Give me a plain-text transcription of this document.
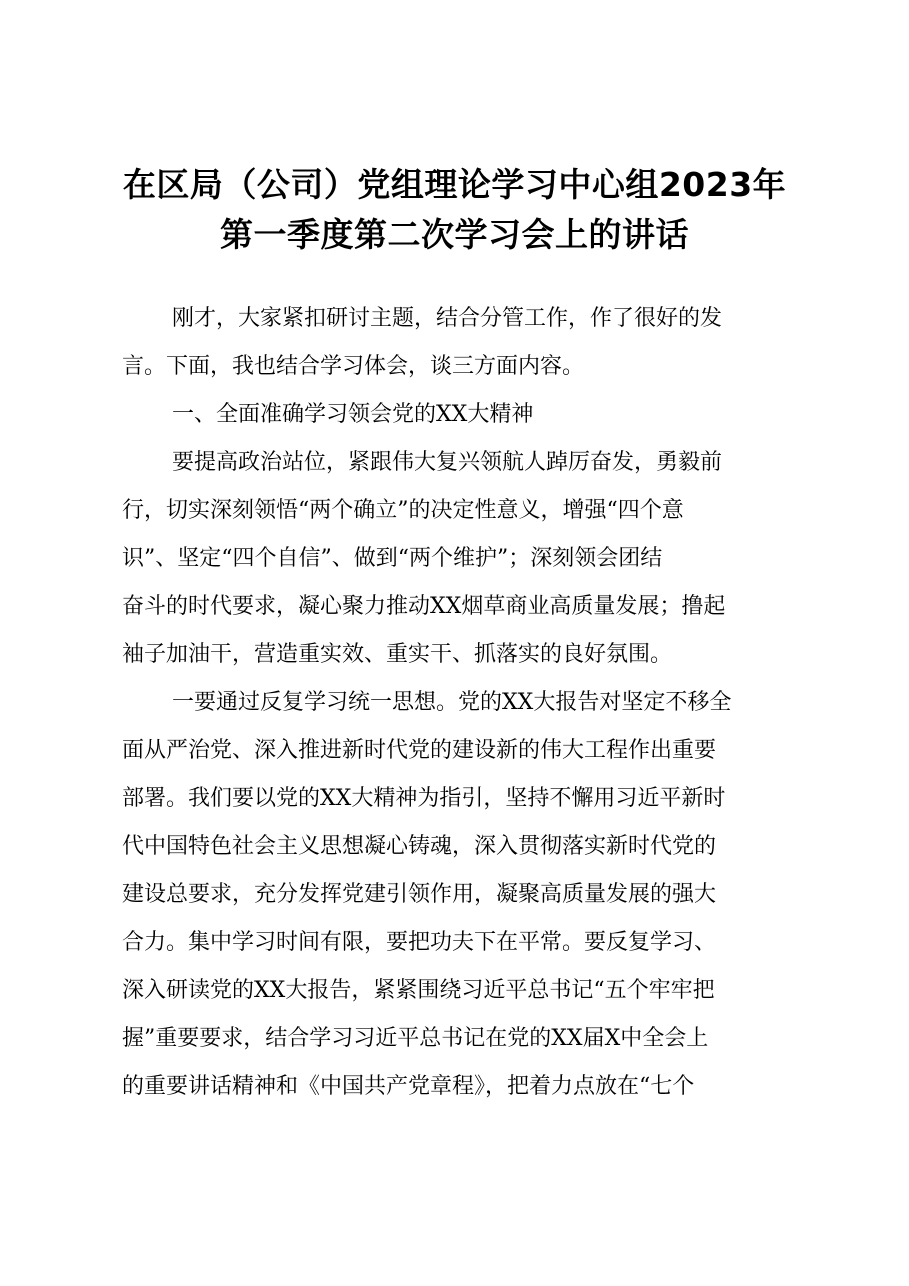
在区局（公司）党组理论学习中心组2023年
第一季度第二次学习会上的讲话
刚才，大家紧扣研讨主题，结合分管工作，作了很好的发
言。下面，我也结合学习体会，谈三方面内容。
一、全面准确学习领会党的XX大精神
要提高政治站位，紧跟伟大复兴领航人踔厉奋发，勇毅前
行，切实深刻领悟“两个确立”的决定性意义，增强“四个意
识”、坚定“四个自信”、做到“两个维护”；深刻领会团结
奋斗的时代要求，凝心聚力推动XX烟草商业高质量发展；撸起
袖子加油干，营造重实效、重实干、抓落实的良好氛围。
一要通过反复学习统一思想。党的XX大报告对坚定不移全
面从严治党、深入推进新时代党的建设新的伟大工程作出重要
部署。我们要以党的XX大精神为指引，坚持不懈用习近平新时
代中国特色社会主义思想凝心铸魂，深入贯彻落实新时代党的
建设总要求，充分发挥党建引领作用，凝聚高质量发展的强大
合力。集中学习时间有限，要把功夫下在平常。要反复学习、
深入研读党的XX大报告，紧紧围绕习近平总书记“五个牢牢把
握”重要要求，结合学习习近平总书记在党的XX届X中全会上
的重要讲话精神和《中国共产党章程》，把着力点放在“七个
